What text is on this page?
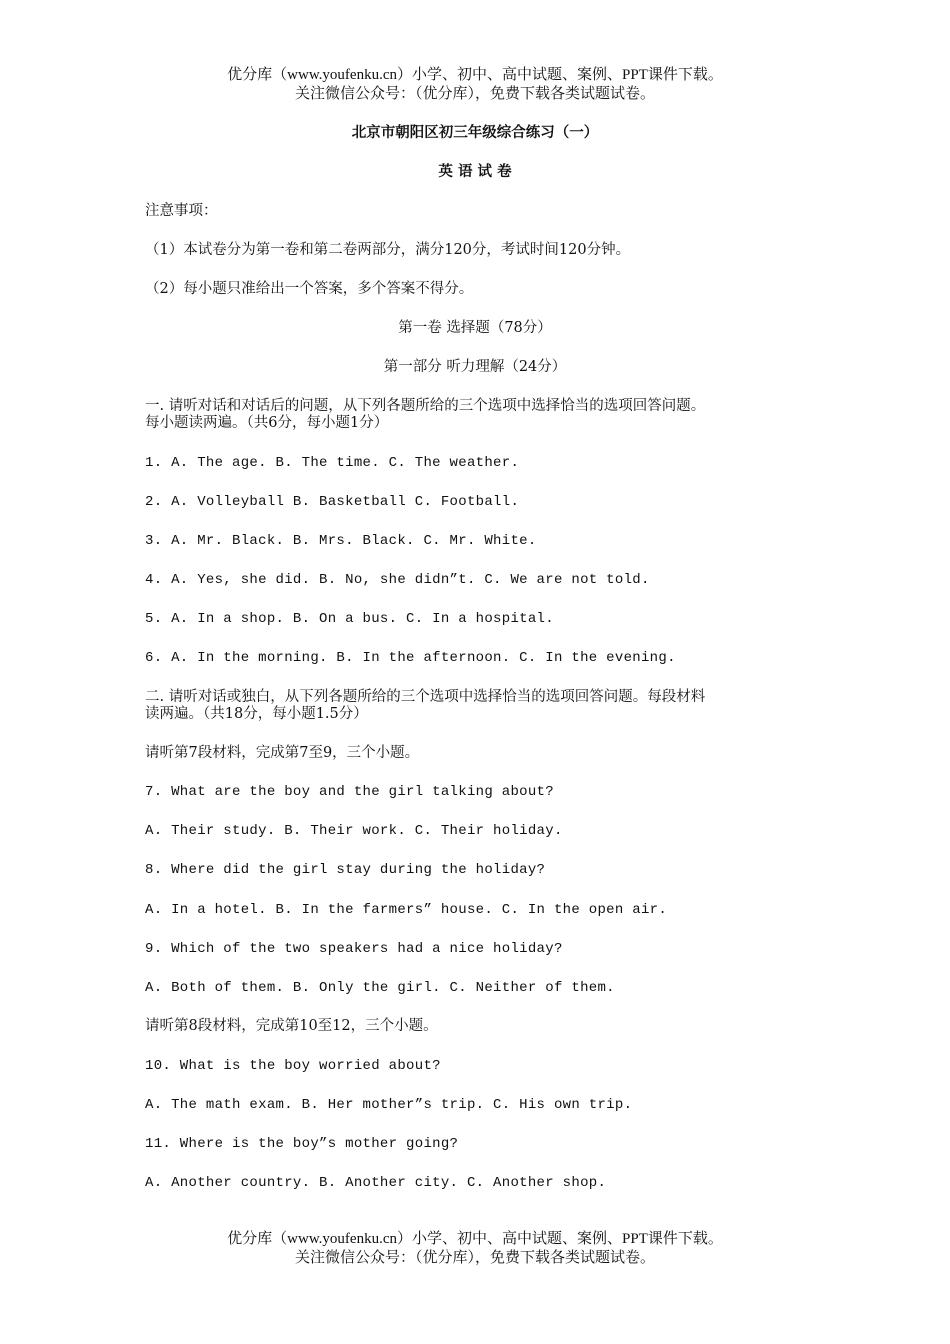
优分库（www.youfenku.cn）小学、初中、高中试题、案例、PPT课件下载。
关注微信公众号：（优分库），免费下载各类试题试卷。
北京市朝阳区初三年级综合练习（一）
英 语 试 卷
注意事项：
（1）本试卷分为第一卷和第二卷两部分，满分120分，考试时间120分钟。
（2）每小题只准给出一个答案，多个答案不得分。
第一卷 选择题（78分）
第一部分 听力理解（24分）
一. 请听对话和对话后的问题，从下列各题所给的三个选项中选择恰当的选项回答问题。
每小题读两遍。（共6分，每小题1分）
1. A. The age. B. The time. C. The weather.
2. A. Volleyball B. Basketball C. Football.
3. A. Mr. Black. B. Mrs. Black. C. Mr. White.
4. A. Yes, she did. B. No, she didn”t. C. We are not told.
5. A. In a shop. B. On a bus. C. In a hospital.
6. A. In the morning. B. In the afternoon. C. In the evening.
二. 请听对话或独白，从下列各题所给的三个选项中选择恰当的选项回答问题。每段材料
读两遍。（共18分，每小题1.5分）
请听第7段材料，完成第7至9，三个小题。
7. What are the boy and the girl talking about?
A. Their study. B. Their work. C. Their holiday.
8. Where did the girl stay during the holiday?
A. In a hotel. B. In the farmers” house. C. In the open air.
9. Which of the two speakers had a nice holiday?
A. Both of them. B. Only the girl. C. Neither of them.
请听第8段材料，完成第10至12，三个小题。
10. What is the boy worried about?
A. The math exam. B. Her mother”s trip. C. His own trip.
11. Where is the boy”s mother going?
A. Another country. B. Another city. C. Another shop.
优分库（www.youfenku.cn）小学、初中、高中试题、案例、PPT课件下载。
关注微信公众号：（优分库），免费下载各类试题试卷。
